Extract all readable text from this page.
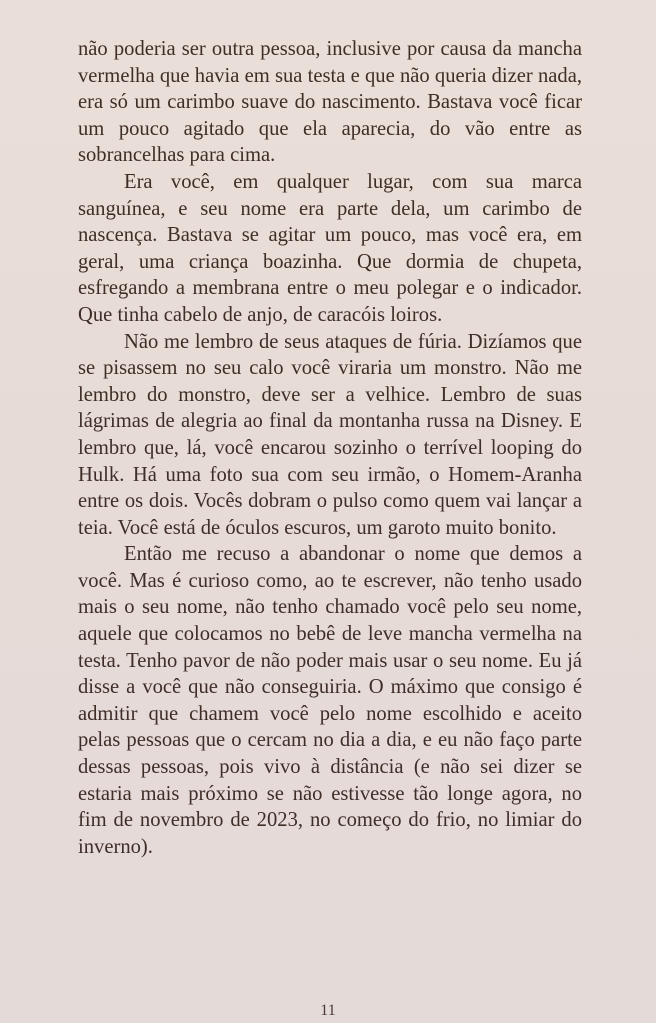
não poderia ser outra pessoa, inclusive por causa da mancha vermelha que havia em sua testa e que não queria dizer nada, era só um carimbo suave do nascimento. Bastava você ficar um pouco agitado que ela aparecia, do vão entre as sobrancelhas para cima.

Era você, em qualquer lugar, com sua marca sanguínea, e seu nome era parte dela, um carimbo de nascença. Bastava se agitar um pouco, mas você era, em geral, uma criança boazinha. Que dormia de chupeta, esfregando a membrana entre o meu polegar e o indicador. Que tinha cabelo de anjo, de caracóis loiros.

Não me lembro de seus ataques de fúria. Dizíamos que se pisassem no seu calo você viraria um monstro. Não me lembro do monstro, deve ser a velhice. Lembro de suas lágrimas de alegria ao final da montanha russa na Disney. E lembro que, lá, você encarou sozinho o terrível looping do Hulk. Há uma foto sua com seu irmão, o Homem-Aranha entre os dois. Vocês dobram o pulso como quem vai lançar a teia. Você está de óculos escuros, um garoto muito bonito.

Então me recuso a abandonar o nome que demos a você. Mas é curioso como, ao te escrever, não tenho usado mais o seu nome, não tenho chamado você pelo seu nome, aquele que colocamos no bebê de leve mancha vermelha na testa. Tenho pavor de não poder mais usar o seu nome. Eu já disse a você que não conseguiria. O máximo que consigo é admitir que chamem você pelo nome escolhido e aceito pelas pessoas que o cercam no dia a dia, e eu não faço parte dessas pessoas, pois vivo à distância (e não sei dizer se estaria mais próximo se não estivesse tão longe agora, no fim de novembro de 2023, no começo do frio, no limiar do inverno).

11
